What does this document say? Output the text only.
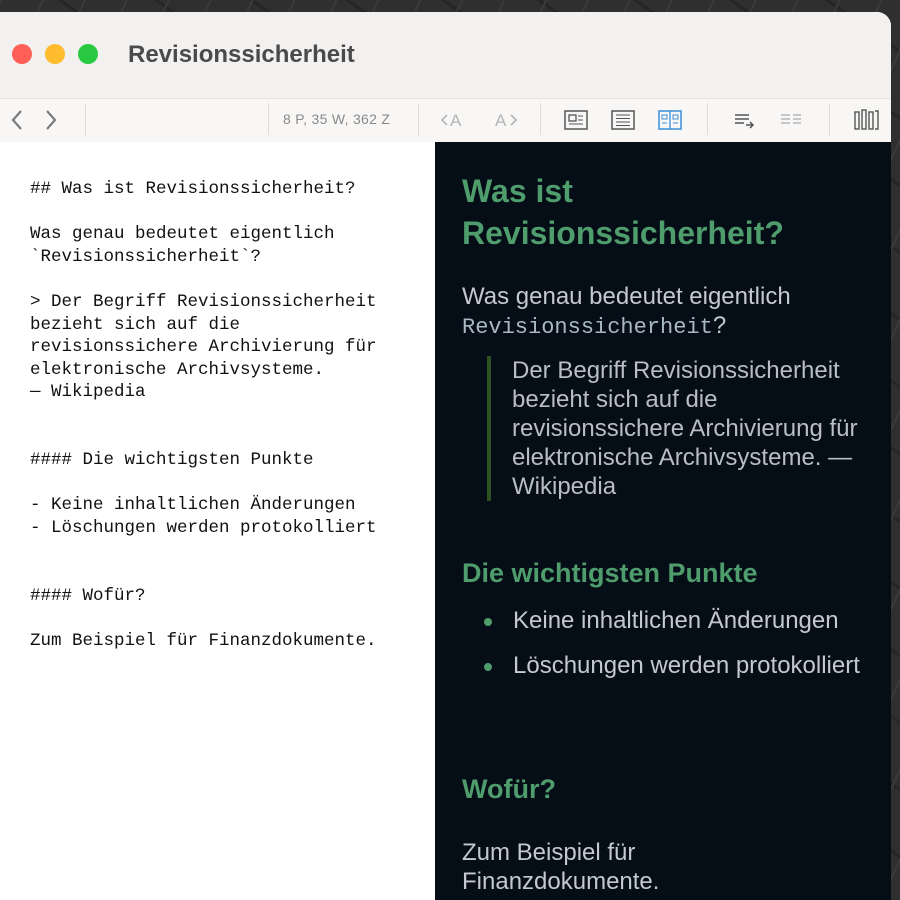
Revisionssicherheit
8 P, 35 W, 362 Z	A A
## Was ist Revisionssicherheit?

Was genau bedeutet eigentlich
`Revisionssicherheit`?

> Der Begriff Revisionssicherheit
bezieht sich auf die
revisionssichere Archivierung für
elektronische Archivsysteme.
— Wikipedia

#### Die wichtigsten Punkte

- Keine inhaltlichen Änderungen
- Löschungen werden protokolliert

#### Wofür?

Zum Beispiel für Finanzdokumente.
Was ist Revisionssicherheit?
Was genau bedeutet eigentlich
Revisionssicherheit?
Der Begriff Revisionssicherheit bezieht sich auf die revisionssichere Archivierung für elektronische Archivsysteme. — Wikipedia
Die wichtigsten Punkte
Keine inhaltlichen Änderungen
Löschungen werden protokolliert
Wofür?
Zum Beispiel für Finanzdokumente.
